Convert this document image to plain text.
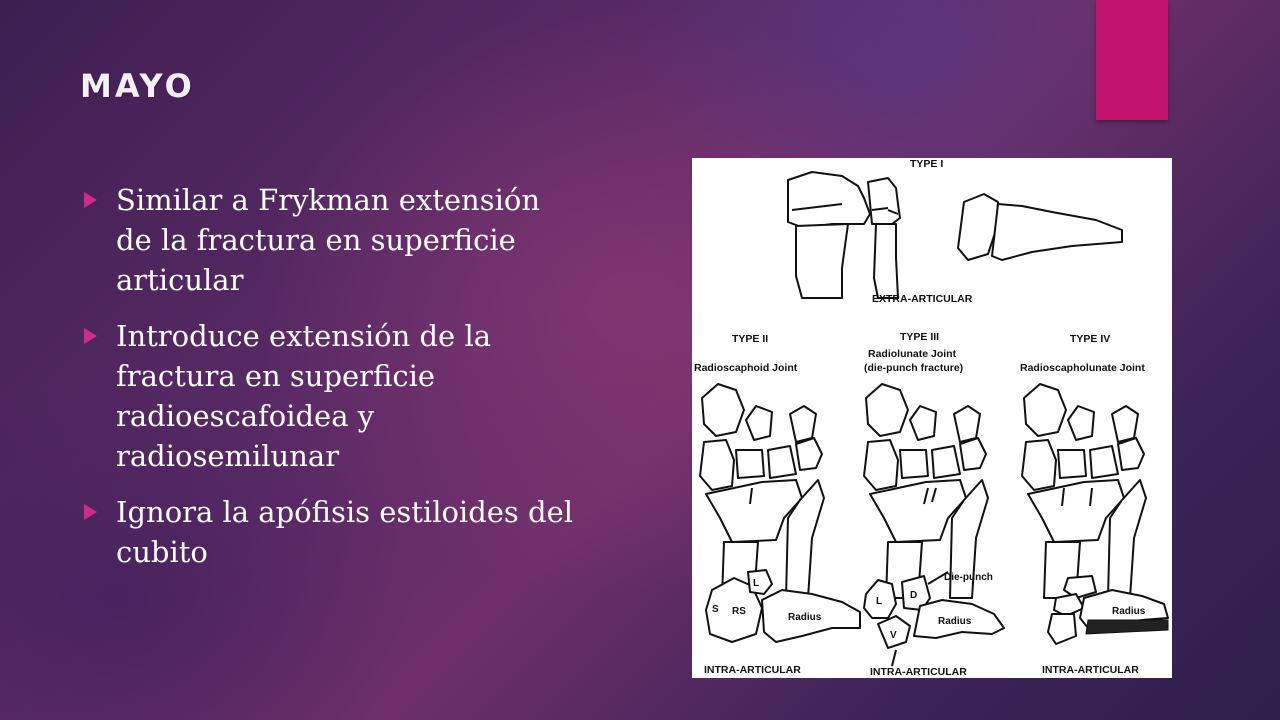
mayo
Similar a Frykman extensión de la fractura en superficie articular
Introduce extensión de la fractura en superficie radioescafoidea y radiosemilunar
Ignora la apófisis estiloides del cubito
TYPE I
EXTRA-ARTICULAR
TYPE II
Radioscaphoid Joint
TYPE III
Radiolunate Joint
(die-punch fracture)
TYPE IV
Radioscapholunate Joint
L
S RS
Radius
Die-punch
L
D
V
Radius
Radius
INTRA-ARTICULAR	INTRA-ARTICULAR	INTRA-ARTICULAR
